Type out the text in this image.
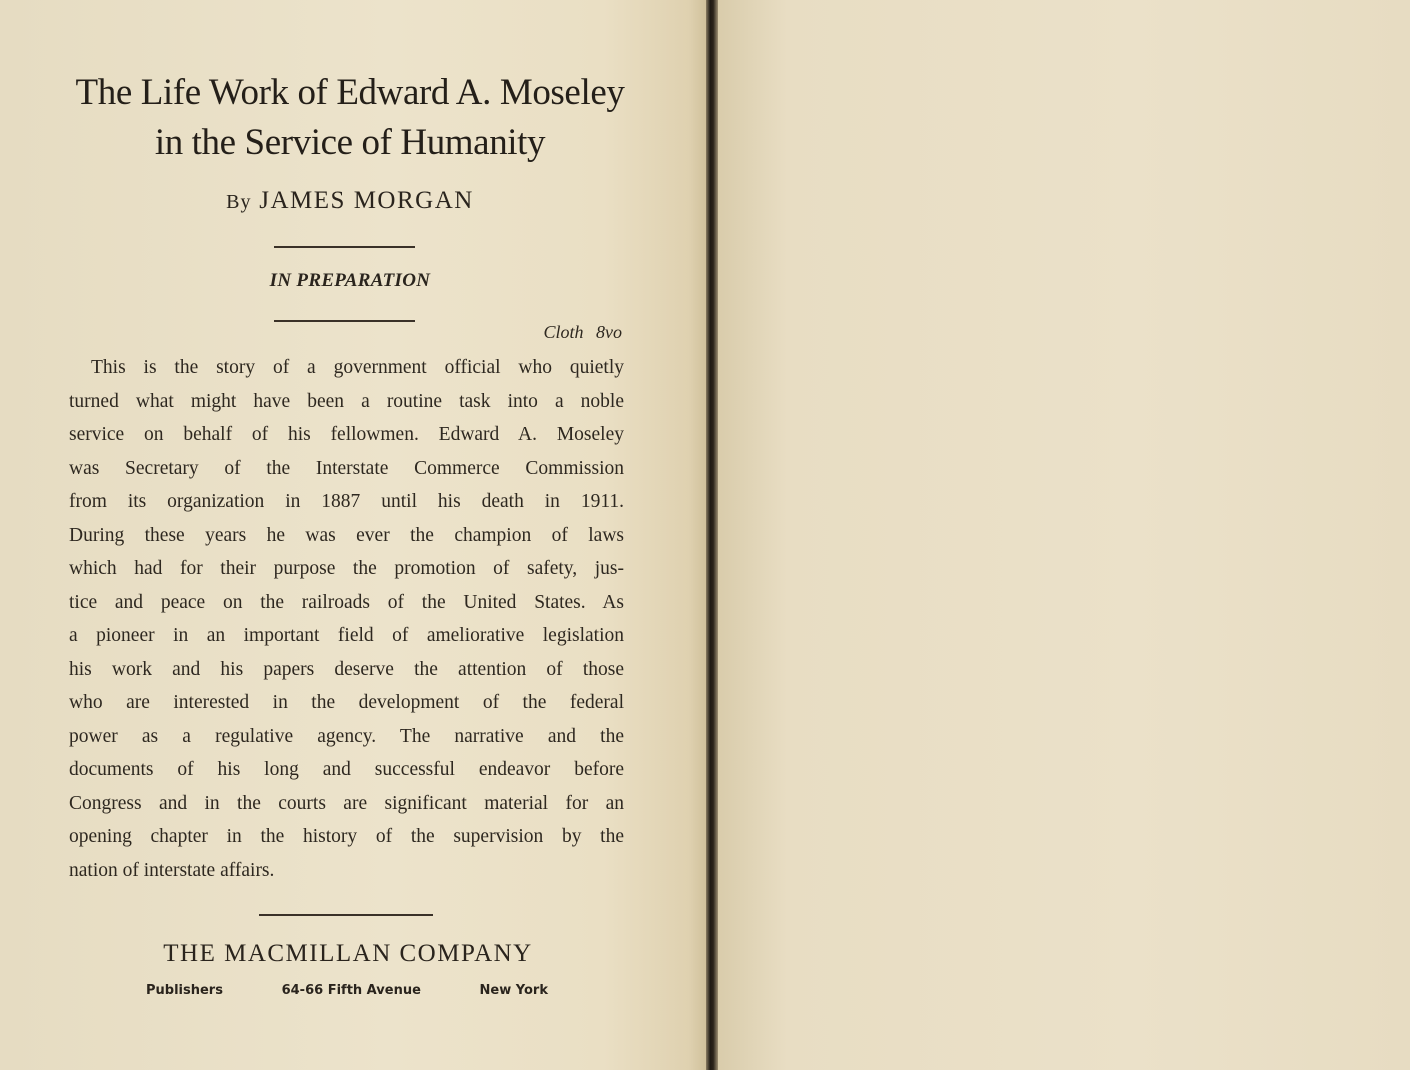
The Life Work of Edward A. Moseley
in the Service of Humanity
By JAMES MORGAN
IN PREPARATION
Cloth 8vo
This is the story of a government official who quietly
turned what might have been a routine task into a noble
service on behalf of his fellowmen. Edward A. Moseley
was Secretary of the Interstate Commerce Commission
from its organization in 1887 until his death in 1911.
During these years he was ever the champion of laws
which had for their purpose the promotion of safety, jus-
tice and peace on the railroads of the United States. As
a pioneer in an important field of ameliorative legislation
his work and his papers deserve the attention of those
who are interested in the development of the federal
power as a regulative agency. The narrative and the
documents of his long and successful endeavor before
Congress and in the courts are significant material for an
opening chapter in the history of the supervision by the
nation of interstate affairs.
THE MACMILLAN COMPANY
Publishers	64-66 Fifth Avenue	New York
